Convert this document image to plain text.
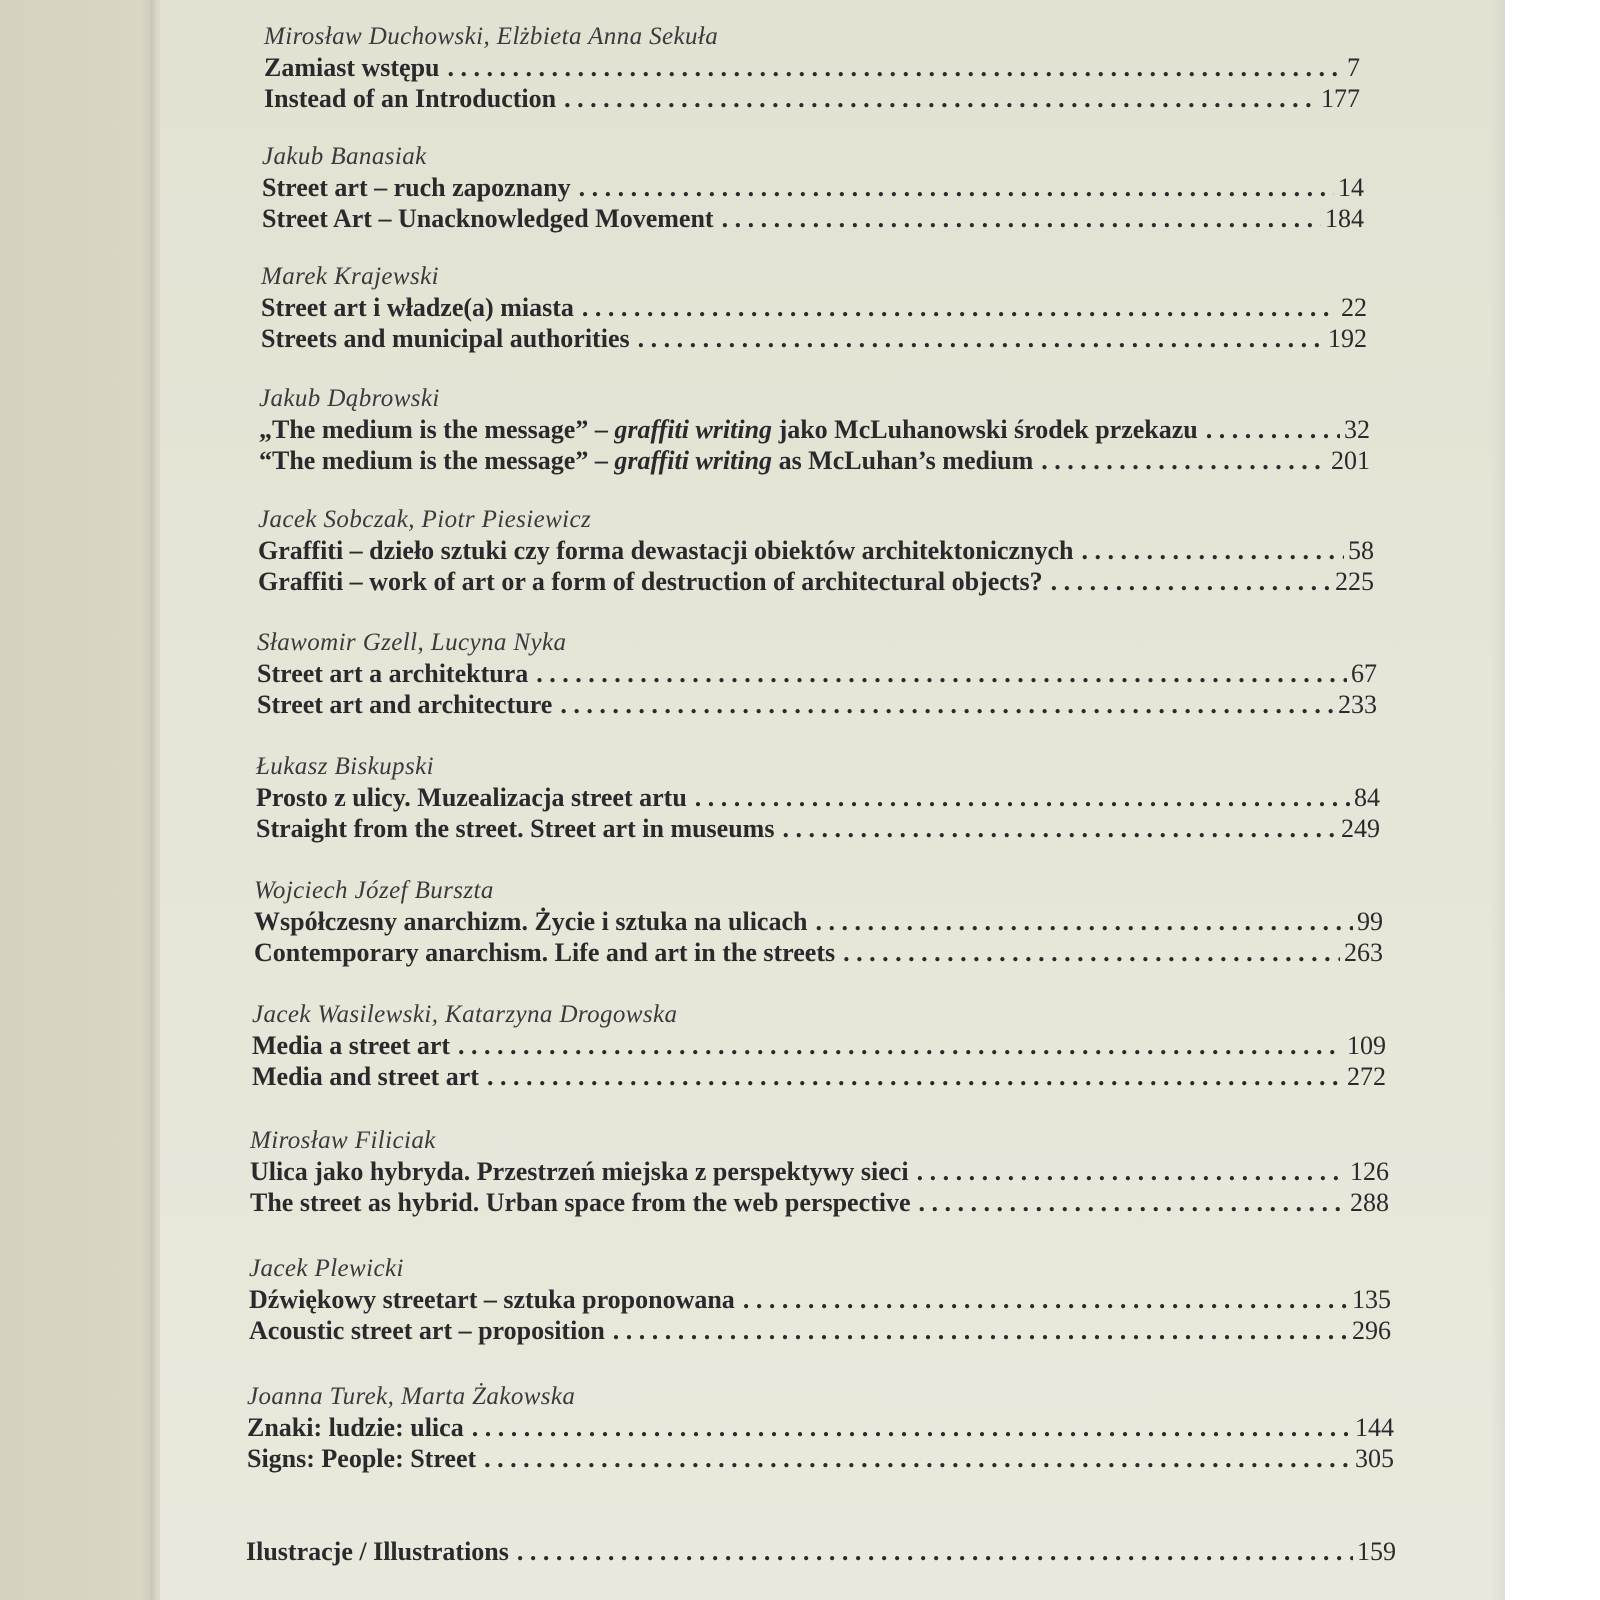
Mirosław Duchowski, Elżbieta Anna Sekuła
Zamiast wstępu . . .	7
Instead of an Introduction . . .	177
Jakub Banasiak
Street art – ruch zapoznany . . .	14
Street Art – Unacknowledged Movement . . .	184
Marek Krajewski
Street art i władze(a) miasta . . .	22
Streets and municipal authorities . . .	192
Jakub Dąbrowski
„The medium is the message” – graffiti writing jako McLuhanowski środek przekazu . . .	32
“The medium is the message” – graffiti writing as McLuhan’s medium . . .	201
Jacek Sobczak, Piotr Piesiewicz
Graffiti – dzieło sztuki czy forma dewastacji obiektów architektonicznych . . .	58
Graffiti – work of art or a form of destruction of architectural objects? . . .	225
Sławomir Gzell, Lucyna Nyka
Street art a architektura . . .	67
Street art and architecture . . .	233
Łukasz Biskupski
Prosto z ulicy. Muzealizacja street artu . . .	84
Straight from the street. Street art in museums . . .	249
Wojciech Józef Burszta
Współczesny anarchizm. Życie i sztuka na ulicach . . .	99
Contemporary anarchism. Life and art in the streets . . .	263
Jacek Wasilewski, Katarzyna Drogowska
Media a street art . . .	109
Media and street art . . .	272
Mirosław Filiciak
Ulica jako hybryda. Przestrzeń miejska z perspektywy sieci . . .	126
The street as hybrid. Urban space from the web perspective . . .	288
Jacek Plewicki
Dźwiękowy streetart – sztuka proponowana . . .	135
Acoustic street art – proposition . . .	296
Joanna Turek, Marta Żakowska
Znaki: ludzie: ulica . . .	144
Signs: People: Street . . .	305
Ilustracje / Illustrations . . .	159
